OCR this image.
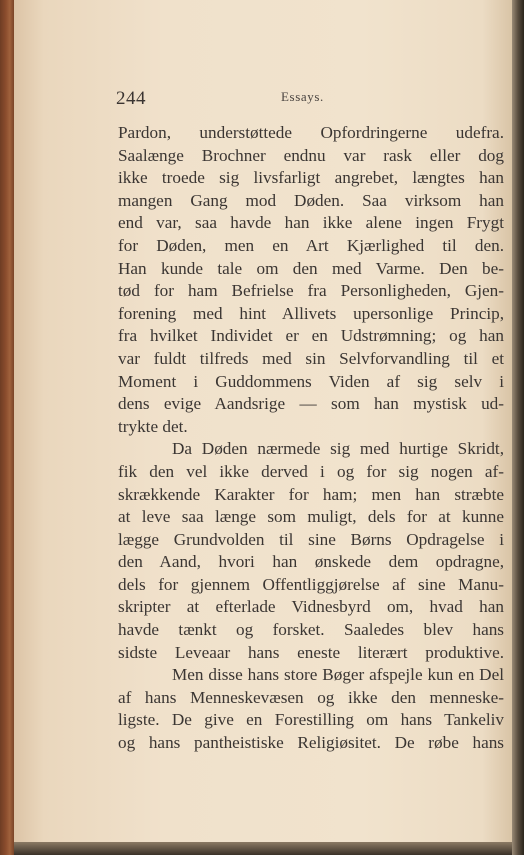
244	Essays.
Pardon, understøttede Opfordringerne udefra.
Saalænge Brochner endnu var rask eller dog
ikke troede sig livsfarligt angrebet, længtes han
mangen Gang mod Døden. Saa virksom han
end var, saa havde han ikke alene ingen Frygt
for Døden, men en Art Kjærlighed til den.
Han kunde tale om den med Varme. Den be-
tød for ham Befrielse fra Personligheden, Gjen-
forening med hint Allivets upersonlige Princip,
fra hvilket Individet er en Udstrømning; og han
var fuldt tilfreds med sin Selvforvandling til et
Moment i Guddommens Viden af sig selv i
dens evige Aandsrige — som han mystisk ud-
trykte det.
Da Døden nærmede sig med hurtige Skridt,
fik den vel ikke derved i og for sig nogen af-
skrækkende Karakter for ham; men han stræbte
at leve saa længe som muligt, dels for at kunne
lægge Grundvolden til sine Børns Opdragelse i
den Aand, hvori han ønskede dem opdragne,
dels for gjennem Offentliggjørelse af sine Manu-
skripter at efterlade Vidnesbyrd om, hvad han
havde tænkt og forsket. Saaledes blev hans
sidste Leveaar hans eneste literært produktive.
Men disse hans store Bøger afspejle kun en Del
af hans Menneskevæsen og ikke den menneske-
ligste. De give en Forestilling om hans Tankeliv
og hans pantheistiske Religiøsitet. De røbe hans
